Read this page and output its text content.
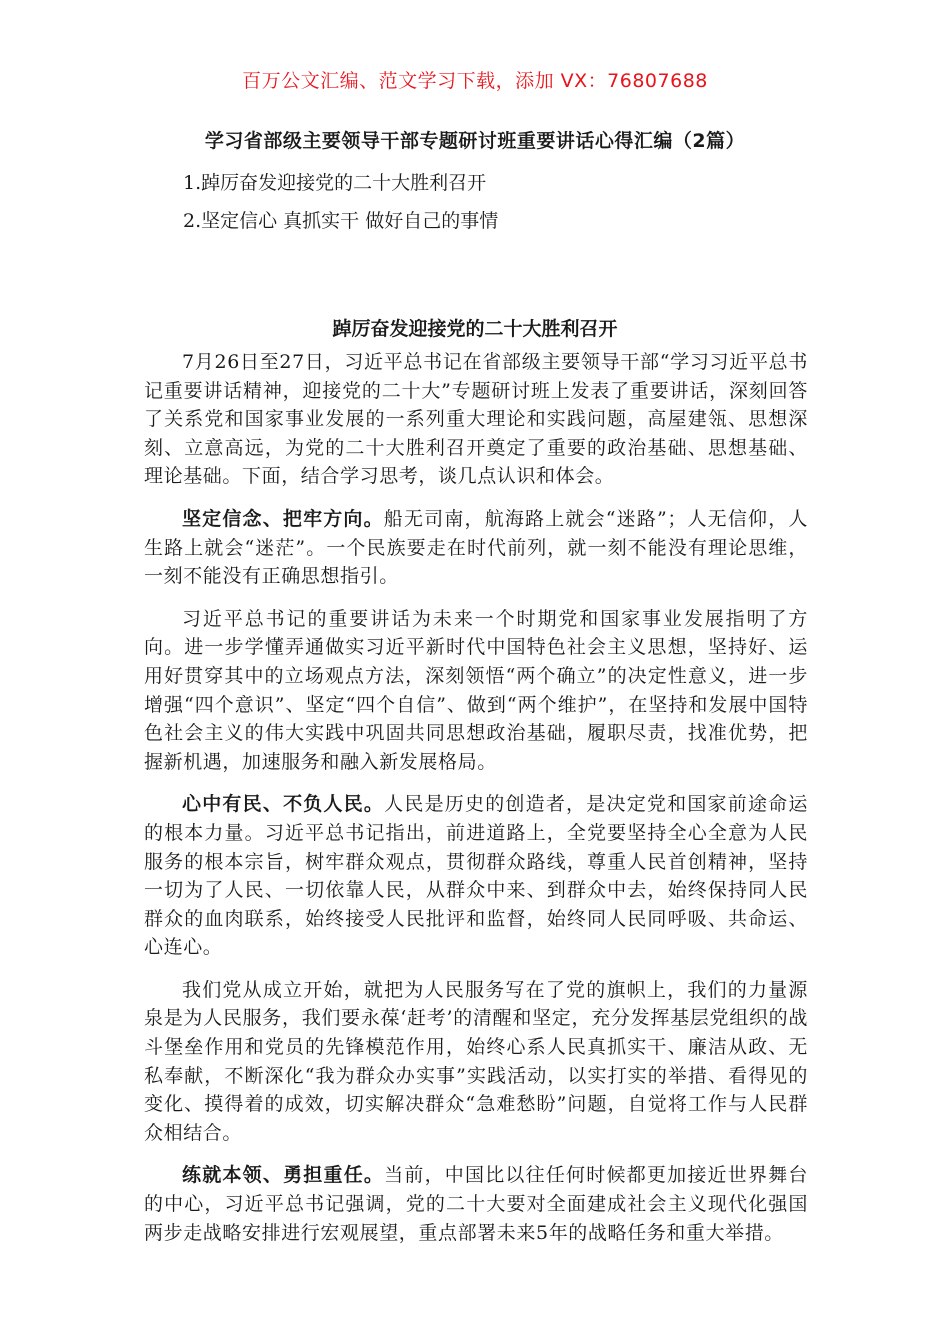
百万公文汇编、范文学习下载，添加 VX：76807688
学习省部级主要领导干部专题研讨班重要讲话心得汇编（2篇）
1.踔厉奋发迎接党的二十大胜利召开
2.坚定信心 真抓实干 做好自己的事情
踔厉奋发迎接党的二十大胜利召开

7月26日至27日，习近平总书记在省部级主要领导干部“学习习近平总书记重要讲话精神，迎接党的二十大”专题研讨班上发表了重要讲话，深刻回答了关系党和国家事业发展的一系列重大理论和实践问题，高屋建瓴、思想深刻、立意高远，为党的二十大胜利召开奠定了重要的政治基础、思想基础、理论基础。下面，结合学习思考，谈几点认识和体会。

坚定信念、把牢方向。船无司南，航海路上就会“迷路”；人无信仰，人生路上就会“迷茫”。一个民族要走在时代前列，就一刻不能没有理论思维，一刻不能没有正确思想指引。

习近平总书记的重要讲话为未来一个时期党和国家事业发展指明了方向。进一步学懂弄通做实习近平新时代中国特色社会主义思想，坚持好、运用好贯穿其中的立场观点方法，深刻领悟“两个确立”的决定性意义，进一步增强“四个意识”、坚定“四个自信”、做到“两个维护”，在坚持和发展中国特色社会主义的伟大实践中巩固共同思想政治基础，履职尽责，找准优势，把握新机遇，加速服务和融入新发展格局。

心中有民、不负人民。人民是历史的创造者，是决定党和国家前途命运的根本力量。习近平总书记指出，前进道路上，全党要坚持全心全意为人民服务的根本宗旨，树牢群众观点，贯彻群众路线，尊重人民首创精神，坚持一切为了人民、一切依靠人民，从群众中来、到群众中去，始终保持同人民群众的血肉联系，始终接受人民批评和监督，始终同人民同呼吸、共命运、心连心。

我们党从成立开始，就把为人民服务写在了党的旗帜上，我们的力量源泉是为人民服务，我们要永葆‘赶考’的清醒和坚定，充分发挥基层党组织的战斗堡垒作用和党员的先锋模范作用，始终心系人民真抓实干、廉洁从政、无私奉献，不断深化“我为群众办实事”实践活动，以实打实的举措、看得见的变化、摸得着的成效，切实解决群众“急难愁盼”问题，自觉将工作与人民群众相结合。

练就本领、勇担重任。当前，中国比以往任何时候都更加接近世界舞台的中心，习近平总书记强调，党的二十大要对全面建成社会主义现代化强国两步走战略安排进行宏观展望，重点部署未来5年的战略任务和重大举措。
